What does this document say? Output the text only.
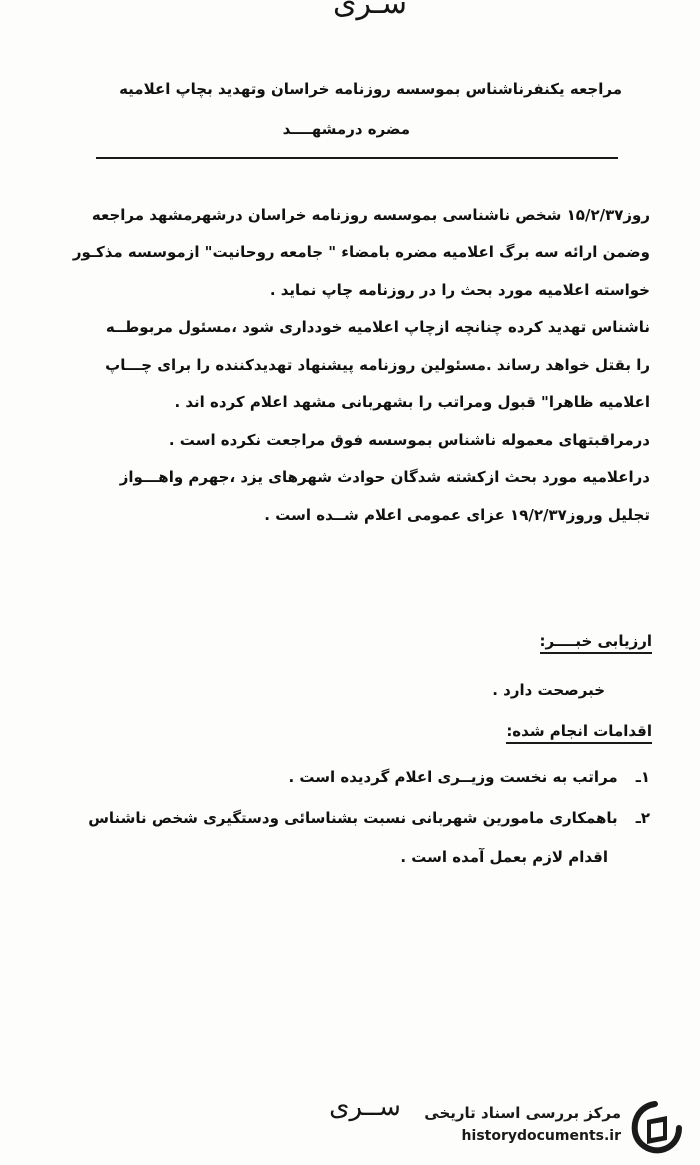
سـری
مراجعه یکنفرناشناس بموسسه روزنامه خراسان وتهدید بچاپ اعلامیه
مضره درمشهــــد
روز۱۵/۲/۳۷ شخص ناشناسی بموسسه روزنامه خراسان درشهرمشهد مراجعه
وضمن ارائه سه برگ اعلامیه مضره بامضاء " جامعه روحانیت" ازموسسه مذکـور
خواسته اعلامیه مورد بحث را در روزنامه چاپ نماید .
ناشناس تهدید کرده چنانچه ازچاپ اعلامیه خودداری شود ،مسئول مربوطــه
را بقتل خواهد رساند .مسئولین روزنامه پیشنهاد تهدیدکننده را برای چـــاپ
اعلامیه ظاهرا" قبول ومراتب را بشهربانی مشهد اعلام کرده اند .
درمراقبتهای معموله ناشناس بموسسه فوق مراجعت نکرده است .
دراعلامیه مورد بحث ازکشته شدگان حوادث شهرهای یزد ،جهرم واهـــواز
تجلیل وروز۱۹/۲/۳۷ عزای عمومی اعلام شــده است .
ارزیابی خبــــر:
خبرصحت دارد .
اقدامات انجام شده:
۱ـمراتب به نخست وزیــری اعلام گردیده است .
۲ـباهمکاری مامورین شهربانی نسبت بشناسائی ودستگیری شخص ناشناس
اقدام لازم بعمل آمده است .
ســری	مرکز بررسی اسناد تاریخی
historydocuments.ir
